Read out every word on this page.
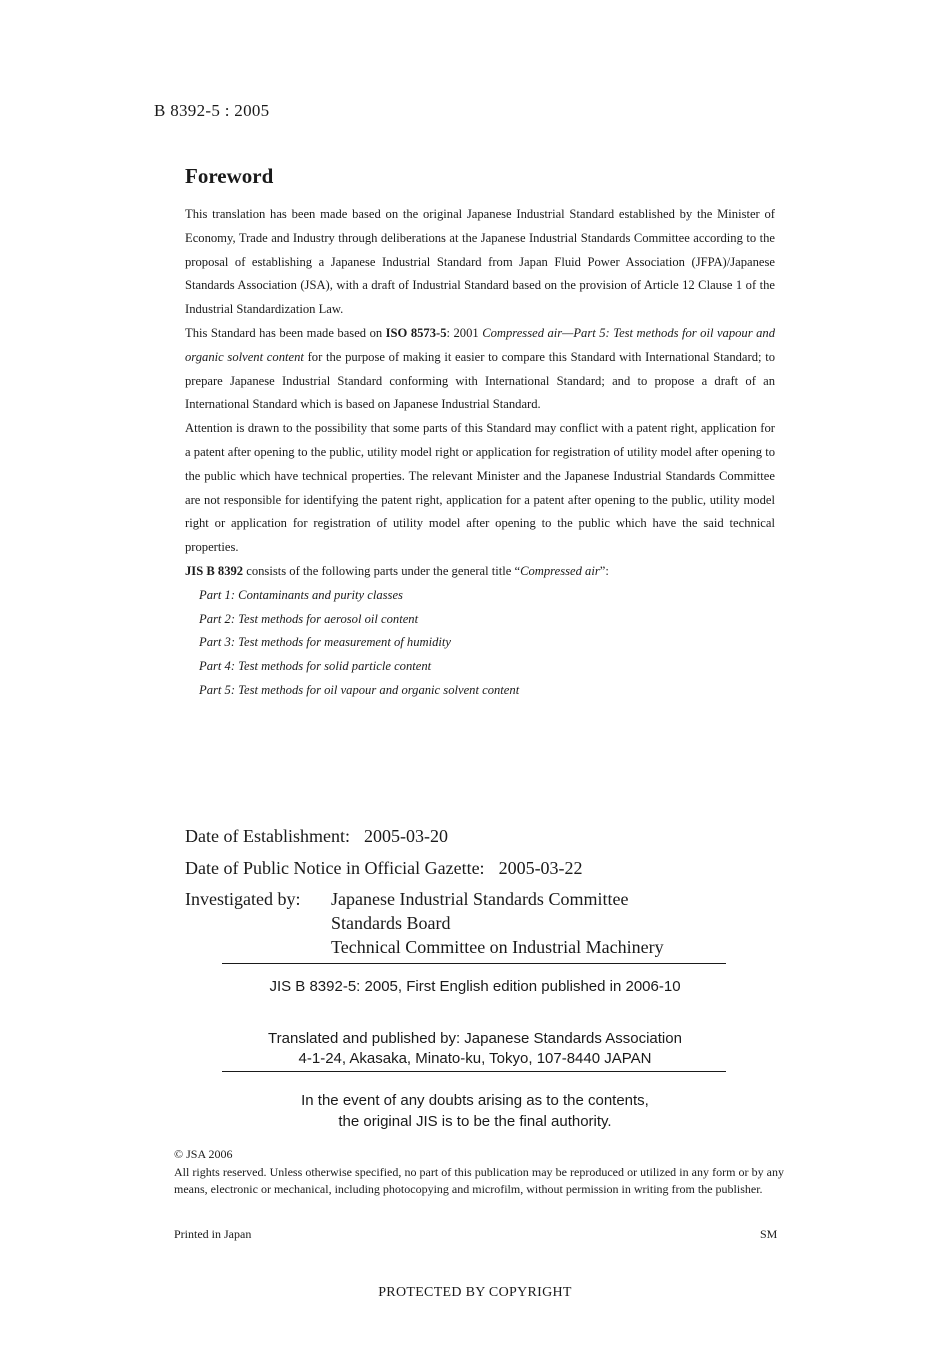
B 8392-5 : 2005
Foreword

This translation has been made based on the original Japanese Industrial Standard established by the Minister of Economy, Trade and Industry through deliberations at the Japanese Industrial Standards Committee according to the proposal of establishing a Japanese Industrial Standard from Japan Fluid Power Association (JFPA)/Japanese Standards Association (JSA), with a draft of Industrial Standard based on the provision of Article 12 Clause 1 of the Industrial Standardization Law.

This Standard has been made based on ISO 8573-5: 2001 Compressed air—Part 5: Test methods for oil vapour and organic solvent content for the purpose of making it easier to compare this Standard with International Standard; to prepare Japanese Industrial Standard conforming with International Standard; and to propose a draft of an International Standard which is based on Japanese Industrial Standard.

Attention is drawn to the possibility that some parts of this Standard may conflict with a patent right, application for a patent after opening to the public, utility model right or application for registration of utility model after opening to the public which have technical properties. The relevant Minister and the Japanese Industrial Standards Committee are not responsible for identifying the patent right, application for a patent after opening to the public, utility model right or application for registration of utility model after opening to the public which have the said technical properties.

JIS B 8392 consists of the following parts under the general title “Compressed air”:

Part 1: Contaminants and purity classes
Part 2: Test methods for aerosol oil content
Part 3: Test methods for measurement of humidity
Part 4: Test methods for solid particle content
Part 5: Test methods for oil vapour and organic solvent content
Date of Establishment: 2005-03-20
Date of Public Notice in Official Gazette: 2005-03-22
Investigated by: Japanese Industrial Standards Committee
Standards Board
Technical Committee on Industrial Machinery
JIS B 8392-5: 2005, First English edition published in 2006-10
Translated and published by: Japanese Standards Association
4-1-24, Akasaka, Minato-ku, Tokyo, 107-8440 JAPAN
In the event of any doubts arising as to the contents,
the original JIS is to be the final authority.

© JSA 2006

All rights reserved. Unless otherwise specified, no part of this publication may be reproduced or utilized in any form or by any means, electronic or mechanical, including photocopying and microfilm, without permission in writing from the publisher.

Printed in Japan	SM
PROTECTED BY COPYRIGHT
